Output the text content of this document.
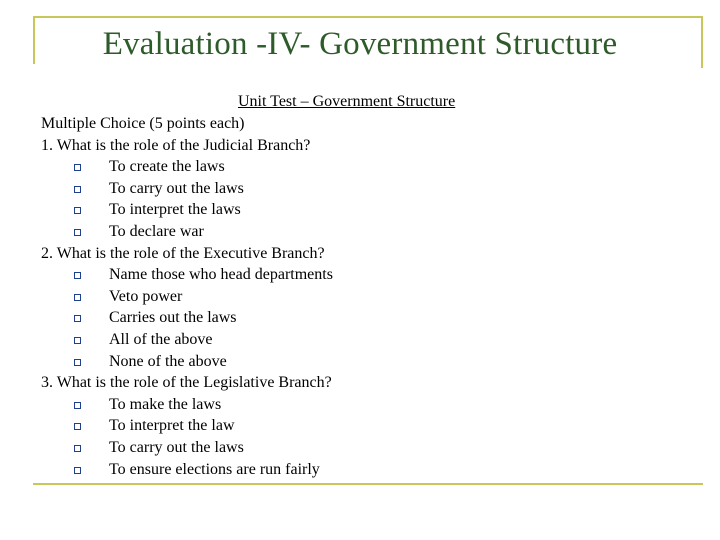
Evaluation -IV- Government Structure
Unit Test – Government Structure
Multiple Choice (5 points each)
1. What is the role of the Judicial Branch?
To create the laws
To carry out the laws
To interpret the laws
To declare war
2. What is the role of the Executive Branch?
Name those who head departments
Veto power
Carries out the laws
All of the above
None of the above
3. What is the role of the Legislative Branch?
To make the laws
To interpret the law
To carry out the laws
To ensure elections are run fairly
